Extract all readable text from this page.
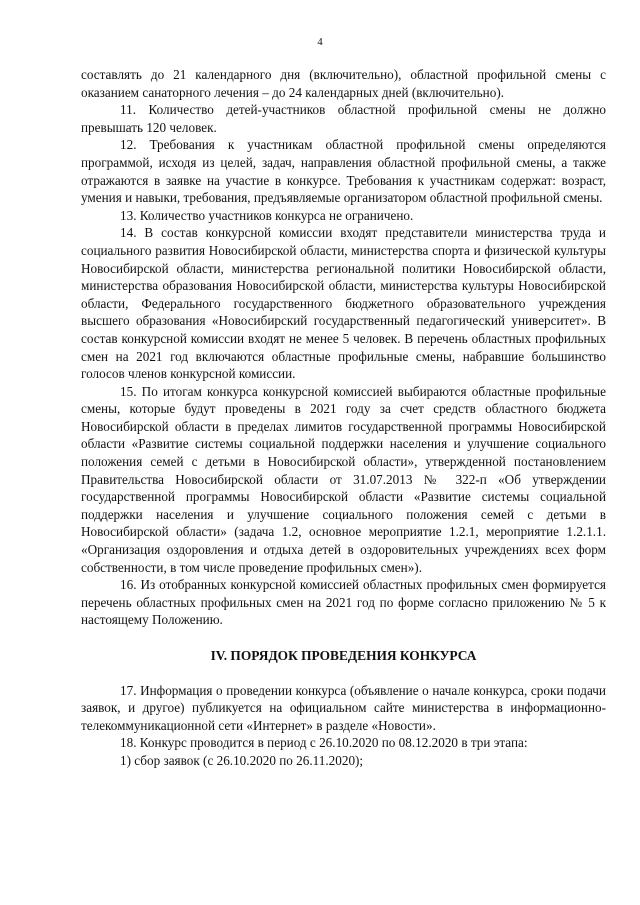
4

составлять до 21 календарного дня (включительно), областной профильной смены с оказанием санаторного лечения – до 24 календарных дней (включительно).

11. Количество детей-участников областной профильной смены не должно превышать 120 человек.

12. Требования к участникам областной профильной смены определяются программой, исходя из целей, задач, направления областной профильной смены, а также отражаются в заявке на участие в конкурсе. Требования к участникам содержат: возраст, умения и навыки, требования, предъявляемые организатором областной профильной смены.

13. Количество участников конкурса не ограничено.

14. В состав конкурсной комиссии входят представители министерства труда и социального развития Новосибирской области, министерства спорта и физической культуры Новосибирской области, министерства региональной политики Новосибирской области, министерства образования Новосибирской области, министерства культуры Новосибирской области, Федерального государственного бюджетного образовательного учреждения высшего образования «Новосибирский государственный педагогический университет». В состав конкурсной комиссии входят не менее 5 человек. В перечень областных профильных смен на 2021 год включаются областные профильные смены, набравшие большинство голосов членов конкурсной комиссии.

15. По итогам конкурса конкурсной комиссией выбираются областные профильные смены, которые будут проведены в 2021 году за счет средств областного бюджета Новосибирской области в пределах лимитов государственной программы Новосибирской области «Развитие системы социальной поддержки населения и улучшение социального положения семей с детьми в Новосибирской области», утвержденной постановлением Правительства Новосибирской области от 31.07.2013 № 322-п «Об утверждении государственной программы Новосибирской области «Развитие системы социальной поддержки населения и улучшение социального положения семей с детьми в Новосибирской области» (задача 1.2, основное мероприятие 1.2.1, мероприятие 1.2.1.1. «Организация оздоровления и отдыха детей в оздоровительных учреждениях всех форм собственности, в том числе проведение профильных смен»).

16. Из отобранных конкурсной комиссией областных профильных смен формируется перечень областных профильных смен на 2021 год по форме согласно приложению № 5 к настоящему Положению.

IV. ПОРЯДОК ПРОВЕДЕНИЯ КОНКУРСА

17. Информация о проведении конкурса (объявление о начале конкурса, сроки подачи заявок, и другое) публикуется на официальном сайте министерства в информационно-телекоммуникационной сети «Интернет» в разделе «Новости».

18. Конкурс проводится в период с 26.10.2020 по 08.12.2020 в три этапа:

1) сбор заявок (с 26.10.2020 по 26.11.2020);
